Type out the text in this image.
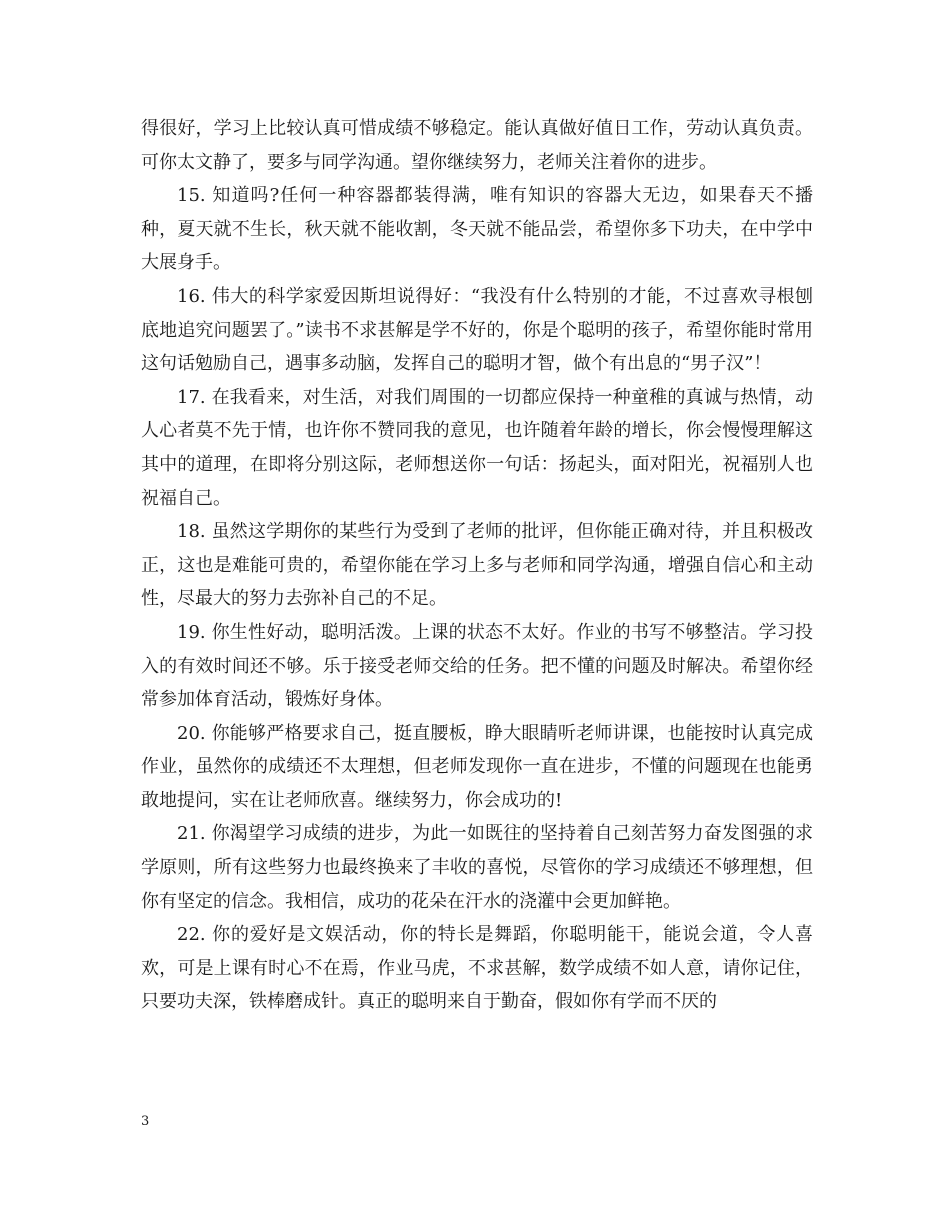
得很好，学习上比较认真可惜成绩不够稳定。能认真做好值日工作，劳动认真负责。可你太文静了，要多与同学沟通。望你继续努力，老师关注着你的进步。

15. 知道吗?任何一种容器都装得满，唯有知识的容器大无边，如果春天不播种，夏天就不生长，秋天就不能收割，冬天就不能品尝，希望你多下功夫，在中学中大展身手。

16. 伟大的科学家爱因斯坦说得好：“我没有什么特别的才能，不过喜欢寻根刨底地追究问题罢了。”读书不求甚解是学不好的，你是个聪明的孩子，希望你能时常用这句话勉励自己，遇事多动脑，发挥自己的聪明才智，做个有出息的“男子汉”！

17. 在我看来，对生活，对我们周围的一切都应保持一种童稚的真诚与热情，动人心者莫不先于情，也许你不赞同我的意见，也许随着年龄的增长，你会慢慢理解这其中的道理，在即将分别这际，老师想送你一句话：扬起头，面对阳光，祝福别人也祝福自己。

18. 虽然这学期你的某些行为受到了老师的批评，但你能正确对待，并且积极改正，这也是难能可贵的，希望你能在学习上多与老师和同学沟通，增强自信心和主动性，尽最大的努力去弥补自己的不足。

19. 你生性好动，聪明活泼。上课的状态不太好。作业的书写不够整洁。学习投入的有效时间还不够。乐于接受老师交给的任务。把不懂的问题及时解决。希望你经常参加体育活动，锻炼好身体。

20. 你能够严格要求自己，挺直腰板，睁大眼睛听老师讲课，也能按时认真完成作业，虽然你的成绩还不太理想，但老师发现你一直在进步，不懂的问题现在也能勇敢地提问，实在让老师欣喜。继续努力，你会成功的!

21. 你渴望学习成绩的进步，为此一如既往的坚持着自己刻苦努力奋发图强的求学原则，所有这些努力也最终换来了丰收的喜悦，尽管你的学习成绩还不够理想，但你有坚定的信念。我相信，成功的花朵在汗水的浇灌中会更加鲜艳。

22. 你的爱好是文娱活动，你的特长是舞蹈，你聪明能干，能说会道，令人喜欢，可是上课有时心不在焉，作业马虎，不求甚解，数学成绩不如人意，请你记住，只要功夫深，铁棒磨成针。真正的聪明来自于勤奋，假如你有学而不厌的

3
